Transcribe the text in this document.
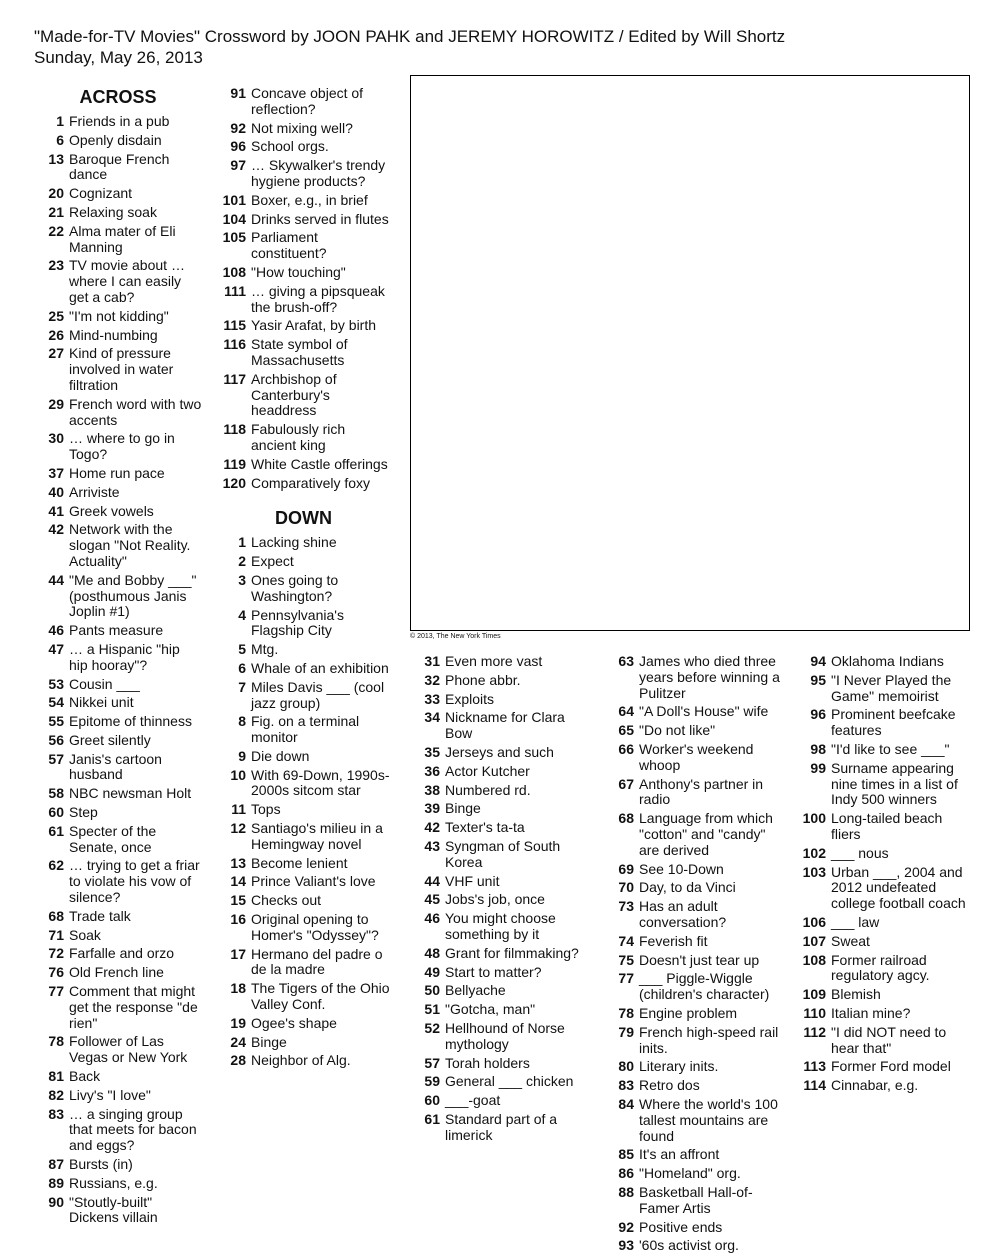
"Made-for-TV Movies" Crossword by JOON PAHK and JEREMY HOROWITZ / Edited by Will Shortz
Sunday, May 26, 2013
© 2013, The New York Times
ACROSS
1 Friends in a pub
6 Openly disdain
13 Baroque French dance
20 Cognizant
21 Relaxing soak
22 Alma mater of Eli Manning
23 TV movie about … where I can easily get a cab?
25 "I'm not kidding"
26 Mind-numbing
27 Kind of pressure involved in water filtration
29 French word with two accents
30 … where to go in Togo?
37 Home run pace
40 Arriviste
41 Greek vowels
42 Network with the slogan "Not Reality. Actuality"
44 "Me and Bobby ___" (posthumous Janis Joplin #1)
46 Pants measure
47 … a Hispanic "hip hip hooray"?
53 Cousin ___
54 Nikkei unit
55 Epitome of thinness
56 Greet silently
57 Janis's cartoon husband
58 NBC newsman Holt
60 Step
61 Specter of the Senate, once
62 … trying to get a friar to violate his vow of silence?
68 Trade talk
71 Soak
72 Farfalle and orzo
76 Old French line
77 Comment that might get the response "de rien"
78 Follower of Las Vegas or New York
81 Back
82 Livy's "I love"
83 … a singing group that meets for bacon and eggs?
87 Bursts (in)
89 Russians, e.g.
90 "Stoutly-built" Dickens villain
91 Concave object of reflection?
92 Not mixing well?
96 School orgs.
97 … Skywalker's trendy hygiene products?
101 Boxer, e.g., in brief
104 Drinks served in flutes
105 Parliament constituent?
108 "How touching"
111 … giving a pipsqueak the brush-off?
115 Yasir Arafat, by birth
116 State symbol of Massachusetts
117 Archbishop of Canterbury's headdress
118 Fabulously rich ancient king
119 White Castle offerings
120 Comparatively foxy
DOWN
1 Lacking shine
2 Expect
3 Ones going to Washington?
4 Pennsylvania's Flagship City
5 Mtg.
6 Whale of an exhibition
7 Miles Davis ___ (cool jazz group)
8 Fig. on a terminal monitor
9 Die down
10 With 69-Down, 1990s-2000s sitcom star
11 Tops
12 Santiago's milieu in a Hemingway novel
13 Become lenient
14 Prince Valiant's love
15 Checks out
16 Original opening to Homer's "Odyssey"?
17 Hermano del padre o de la madre
18 The Tigers of the Ohio Valley Conf.
19 Ogee's shape
24 Binge
28 Neighbor of Alg.
31 Even more vast
32 Phone abbr.
33 Exploits
34 Nickname for Clara Bow
35 Jerseys and such
36 Actor Kutcher
38 Numbered rd.
39 Binge
42 Texter's ta-ta
43 Syngman of South Korea
44 VHF unit
45 Jobs's job, once
46 You might choose something by it
48 Grant for filmmaking?
49 Start to matter?
50 Bellyache
51 "Gotcha, man"
52 Hellhound of Norse mythology
57 Torah holders
59 General ___ chicken
60 ___-goat
61 Standard part of a limerick
63 James who died three years before winning a Pulitzer
64 "A Doll's House" wife
65 "Do not like"
66 Worker's weekend whoop
67 Anthony's partner in radio
68 Language from which "cotton" and "candy" are derived
69 See 10-Down
70 Day, to da Vinci
73 Has an adult conversation?
74 Feverish fit
75 Doesn't just tear up
77 ___ Piggle-Wiggle (children's character)
78 Engine problem
79 French high-speed rail inits.
80 Literary inits.
83 Retro dos
84 Where the world's 100 tallest mountains are found
85 It's an affront
86 "Homeland" org.
88 Basketball Hall-of-Famer Artis
92 Positive ends
93 '60s activist org.
94 Oklahoma Indians
95 "I Never Played the Game" memoirist
96 Prominent beefcake features
98 "I'd like to see ___"
99 Surname appearing nine times in a list of Indy 500 winners
100 Long-tailed beach fliers
102 ___ nous
103 Urban ___, 2004 and 2012 undefeated college football coach
106 ___ law
107 Sweat
108 Former railroad regulatory agcy.
109 Blemish
110 Italian mine?
112 "I did NOT need to hear that"
113 Former Ford model
114 Cinnabar, e.g.
